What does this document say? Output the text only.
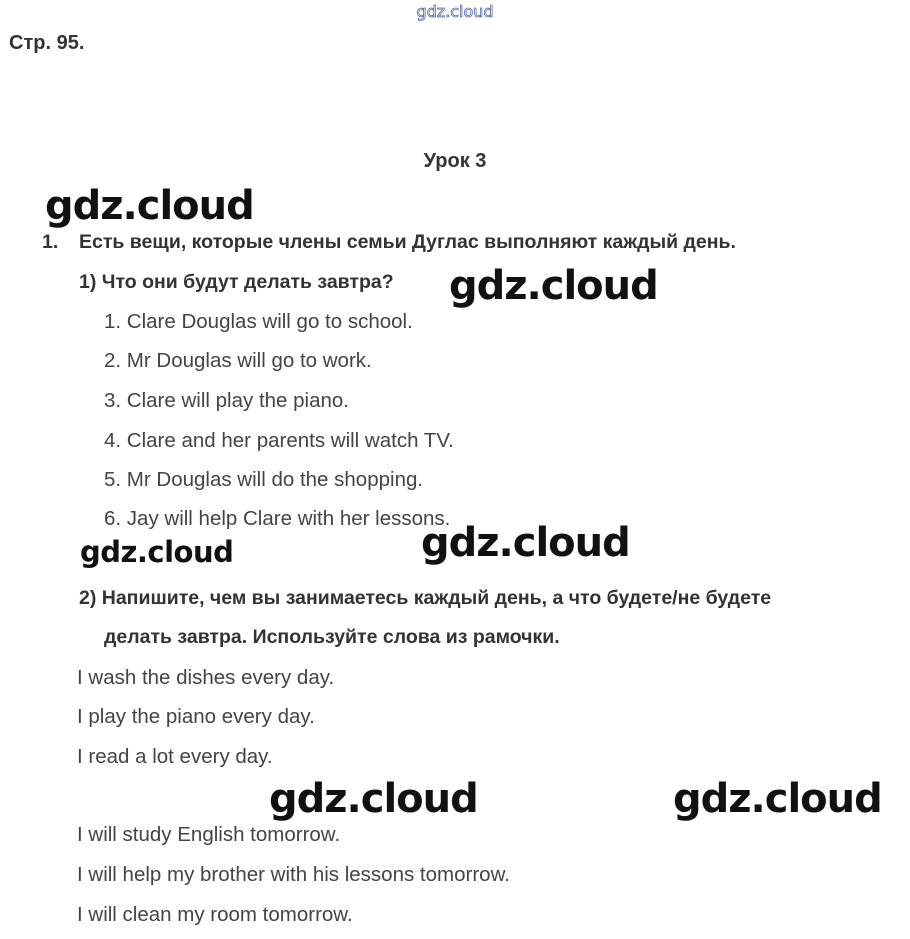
gdz.cloud
Стр. 95.
Урок 3
1. Есть вещи, которые члены семьи Дуглас выполняют каждый день.
1) Что они будут делать завтра?
1. Clare Douglas will go to school.
2. Mr Douglas will go to work.
3. Clare will play the piano.
4. Clare and her parents will watch TV.
5. Mr Douglas will do the shopping.
6. Jay will help Clare with her lessons.
2) Напишите, чем вы занимаетесь каждый день, а что будете/не будете
делать завтра. Используйте слова из рамочки.
I wash the dishes every day.
I play the piano every day.
I read a lot every day.
I will study English tomorrow.
I will help my brother with his lessons tomorrow.
I will clean my room tomorrow.
gdz.cloud
gdz.cloud
gdz.cloud	gdz.cloud
gdz.cloud	gdz.cloud
